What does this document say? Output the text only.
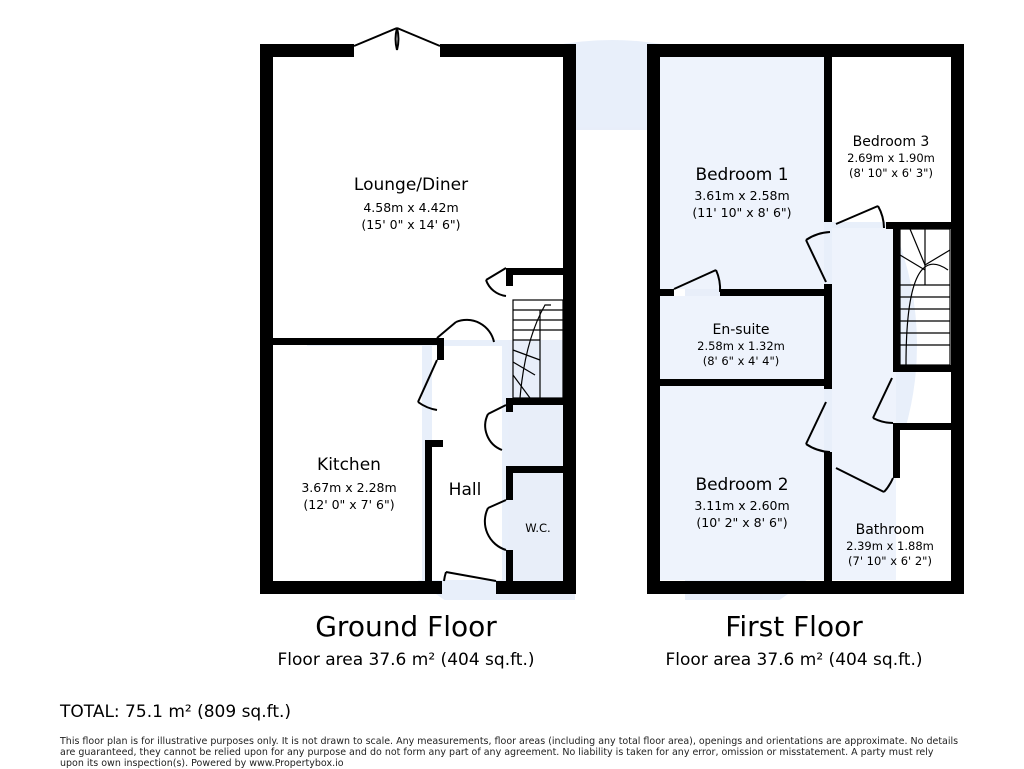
Lounge/Diner
4.58m x 4.42m
(15' 0" x 14' 6")
Kitchen
3.67m x 2.28m
(12' 0" x 7' 6")
Hall
W.C.
Bedroom 1
3.61m x 2.58m
(11' 10" x 8' 6")
Bedroom 3
2.69m x 1.90m
(8' 10" x 6' 3")
En-suite
2.58m x 1.32m
(8' 6" x 4' 4")
Bedroom 2
3.11m x 2.60m
(10' 2" x 8' 6")	Bathroom
2.39m x 1.88m
(7' 10" x 6' 2")
Ground Floor
Floor area 37.6 m² (404 sq.ft.)
First Floor
Floor area 37.6 m² (404 sq.ft.)
TOTAL: 75.1 m² (809 sq.ft.)
This floor plan is for illustrative purposes only. It is not drawn to scale. Any measurements, floor areas (including any total floor area), openings and orientations are approximate. No details are guaranteed, they cannot be relied upon for any purpose and do not form any part of any agreement. No liability is taken for any error, omission or misstatement. A party must rely upon its own inspection(s). Powered by www.Propertybox.io
